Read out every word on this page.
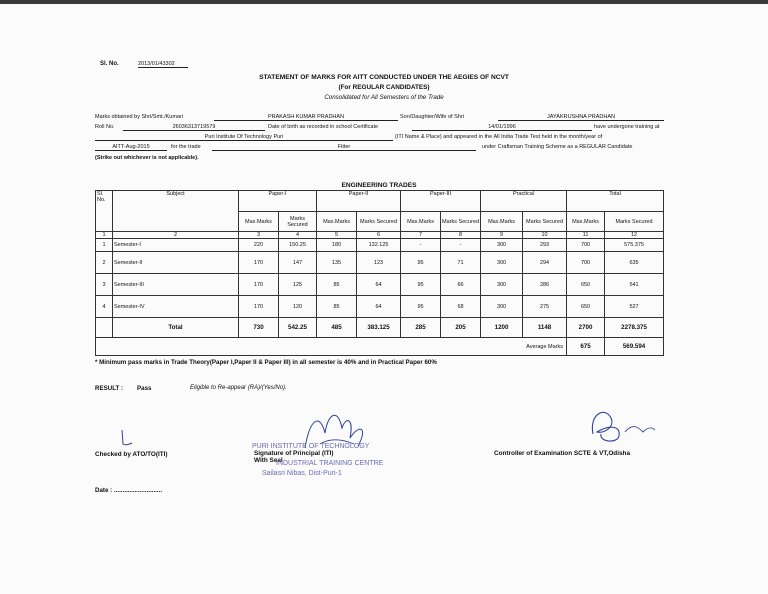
Sl. No.	2013/01/43302
STATEMENT OF MARKS FOR AITT CONDUCTED UNDER THE AEGIES OF NCVT
(For REGULAR CANDIDATES)
Consolidated for All Semesters of the Trade
Marks obtained by Shri/Smt./Kumari	PRAKASH KUMAR PRADHAN	Son/Daughter/Wife of Shri	JAYAKRUSHNA PRADHAN
Roll No.	26036313719579	Date of birth as recorded in school Certificate	14/01/1996	have undergone training at
Puri Institute Of Technology Puri	(ITI Name & Place) and appeared in the All India Trade Test held in the month/year of
AITT-Aug-2015	for the trade	Fitter	under Craftsman Training Scheme as a REGULAR Candidate
(Strike out whichever is not applicable).
ENGINEERING TRADES
Sl. No.	Subject	Paper-I		Paper-II		Paper-III		Practical		Total	
		Max.Marks	Marks Secured	Max.Marks	Marks Secured	Max.Marks	Marks Secured	Max.Marks	Marks Secured	Max.Marks	Marks Secured
1	2	3	4	5	6	7	8	9	10	11	12
1	Semester-I	220	150.25	180	132.125	-	-	300	293	700	575.375
2	Semester-II	170	147	135	123	95	71	300	294	700	635
3	Semester-III	170	125	85	64	95	66	300	286	650	541
4	Semester-IV	170	120	85	64	95	68	300	275	650	527
	Total	730	542.25	485	383.125	285	205	1200	1148	2700	2278.375
Average Marks										675	569.594
* Minimum pass marks in Trade Theory(Paper I,Paper II & Paper III) in all semester is 40% and in Practical Paper 60%
RESULT : Pass	Eligible to Re-appear (RA)/(Yes/No).
Checked by ATO/TO(ITI)
PURI INSTITUTE OF TECHNOLOGY
Signature of Principal (ITI)
With Seal
INDUSTRIAL TRAINING CENTRE
Sailasri Nibas, Dist-Puri-1
Controller of Examination SCTE & VT,Odisha
Date : ............................
